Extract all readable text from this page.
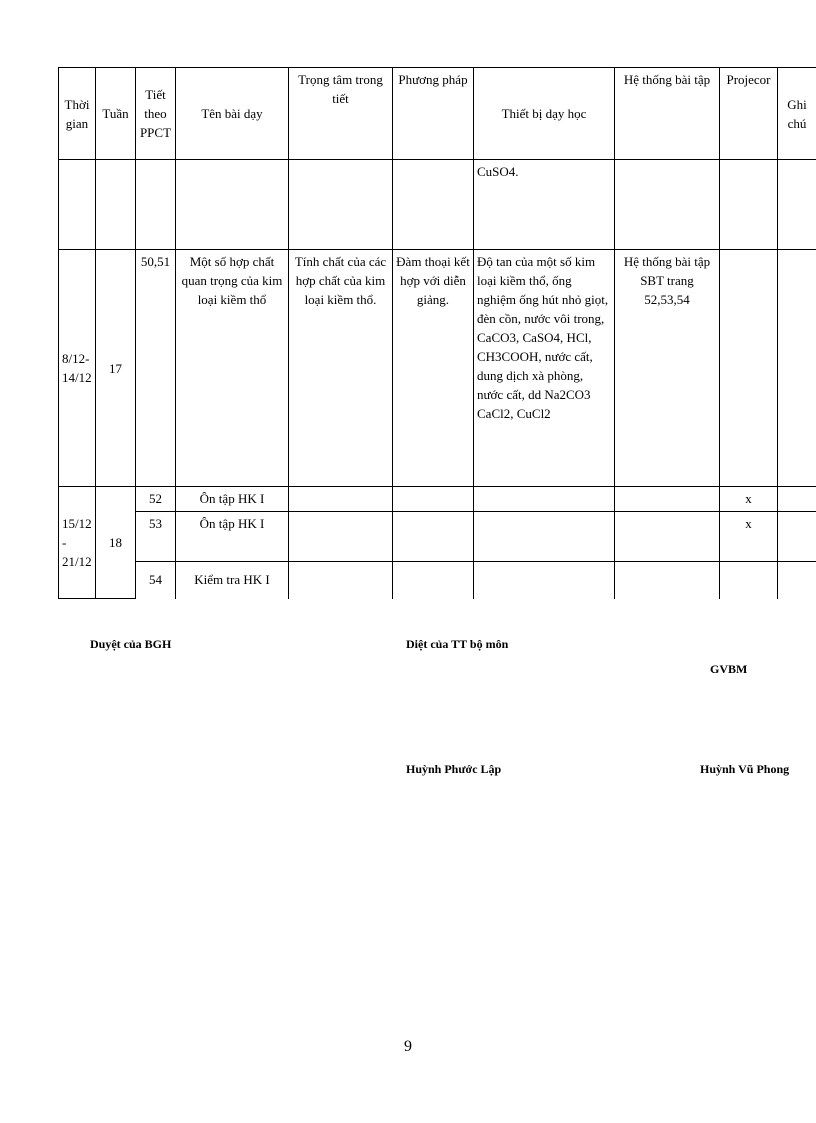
Thời gian	Tuần	Tiết theo PPCT	Tên bài dạy	Trọng tâm trong tiết	Phương pháp	Thiết bị dạy học	Hệ thống bài tập	Projecor	Ghi chú
						CuSO4.			
8/12-14/12	17	50,51	Một số hợp chất quan trọng của kim loại kiềm thổ	Tính chất của các hợp chất của kim loại kiềm thổ.	Đàm thoại kết hợp với diễn giảng.	Độ tan của một số kim loại kiềm thổ, ống nghiệm ống hút nhỏ giọt, đèn cồn, nước vôi trong, CaCO3, CaSO4, HCl, CH3COOH, nước cất, dung dịch xà phòng, nước cất, dd Na2CO3 CaCl2, CuCl2	Hệ thống bài tập SBT trang 52,53,54		
15/12 - 21/12	18	52	Ôn tập HK I					x	
		53	Ôn tập HK I					x	
		54	Kiểm tra HK I						
Duyệt của BGH	Diệt của TT bộ môn
GVBM
Huỳnh Phước Lập	Huỳnh Vũ Phong
9
